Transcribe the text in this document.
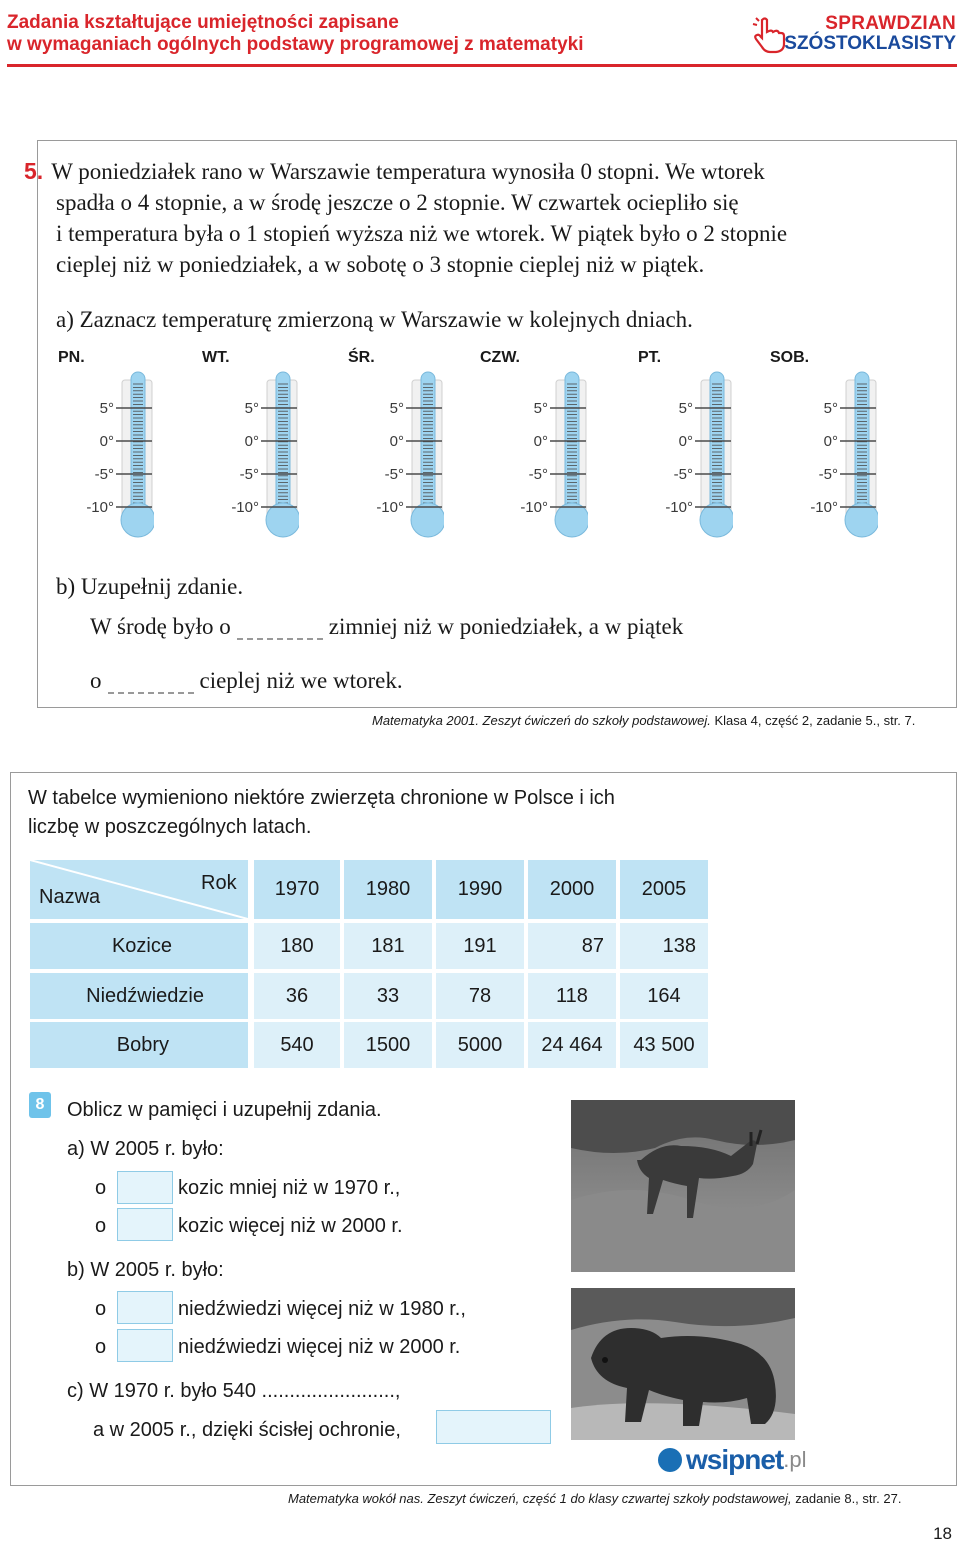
Zadania kształtujące umiejętności zapisane
w wymaganiach ogólnych podstawy programowej z matematyki
SPRAWDZIAN
SZÓSTOKLASISTY
5. W poniedziałek rano w Warszawie temperatura wynosiła 0 stopni. We wtorek
spadła o 4 stopnie, a w środę jeszcze o 2 stopnie. W czwartek ociepliło się
i temperatura była o 1 stopień wyższa niż we wtorek. W piątek było o 2 stopnie
cieplej niż w poniedziałek, a w sobotę o 3 stopnie cieplej niż w piątek.
a) Zaznacz temperaturę zmierzoną w Warszawie w kolejnych dniach.
PN.	WT.	ŚR.	CZW.	PT.	SOB.
5°
0°
-5°
-10°
5°
0°
-5°
-10°
5°
0°
-5°
-10°
5°
0°
-5°
-10°
5°
0°
-5°
-10°
5°
0°
-5°
-10°
b) Uzupełnij zdanie.
W środę było o	zimniej niż w poniedziałek, a w piątek
o	cieplej niż we wtorek.
Matematyka 2001. Zeszyt ćwiczeń do szkoły podstawowej. Klasa 4, część 2, zadanie 5., str. 7.
W tabelce wymieniono niektóre zwierzęta chronione w Polsce i ich
liczbę w poszczególnych latach.
Nazwa
Rok	1970	1980	1990	2000	2005
Kozice	180	181	191	87	138
Niedźwiedzie	36	33	78	118	164
Bobry	540	1500	5000	24 464	43 500
8	Oblicz w pamięci i uzupełnij zdania.
a) W 2005 r. było:
o	kozic mniej niż w 1970 r.,
o	kozic więcej niż w 2000 r.
b) W 2005 r. było:
o	niedźwiedzi więcej niż w 1980 r.,
o	niedźwiedzi więcej niż w 2000 r.
c) W 1970 r. było 540 ........................,
a w 2005 r., dzięki ścisłej ochronie,
wsipnet .pl
Matematyka wokół nas. Zeszyt ćwiczeń, część 1 do klasy czwartej szkoły podstawowej, zadanie 8., str. 27.
18
